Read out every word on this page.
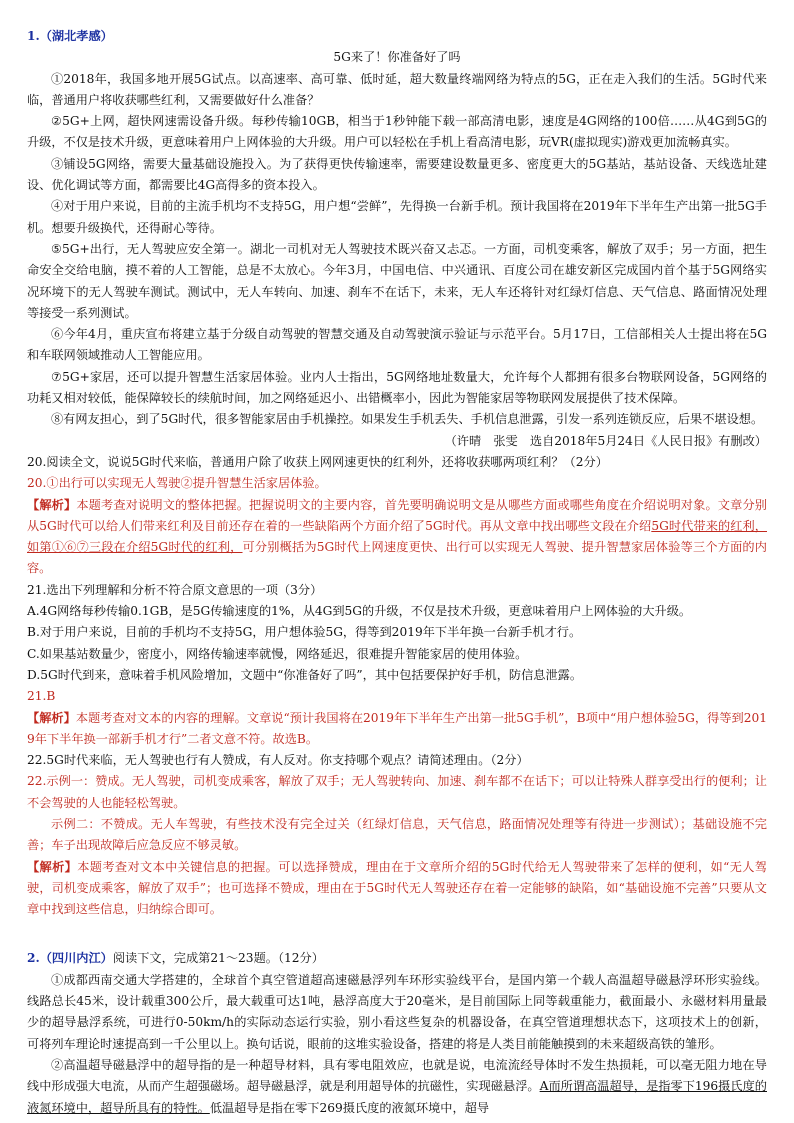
1.（湖北孝感）

5G来了！你准备好了吗

①2018年，我国多地开展5G试点。以高速率、高可靠、低时延，超大数量终端网络为特点的5G，正在走入我们的生活。5G时代来临，普通用户将收获哪些红利，又需要做好什么准备？

②5G+上网，超快网速需设备升级。每秒传输10GB，相当于1秒钟能下载一部高清电影，速度是4G网络的100倍……从4G到5G的升级，不仅是技术升级，更意味着用户上网体验的大升级。用户可以轻松在手机上看高清电影，玩VR(虚拟现实)游戏更加流畅真实。

③铺设5G网络，需要大量基础设施投入。为了获得更快传输速率，需要建设数量更多、密度更大的5G基站，基站设备、天线选址建设、优化调试等方面，都需要比4G高得多的资本投入。

④对于用户来说，目前的主流手机均不支持5G，用户想“尝鲜”，先得换一台新手机。预计我国将在2019年下半年生产出第一批5G手机。想要升级换代，还得耐心等待。

⑤5G+出行，无人驾驶应安全第一。湖北一司机对无人驾驶技术既兴奋又忐忑。一方面，司机变乘客，解放了双手；另一方面，把生命安全交给电脑，摸不着的人工智能，总是不太放心。今年3月，中国电信、中兴通讯、百度公司在雄安新区完成国内首个基于5G网络实况环境下的无人驾驶车测试。测试中，无人车转向、加速、刹车不在话下，未来，无人车还将针对红绿灯信息、天气信息、路面情况处理等接受一系列测试。

⑥今年4月，重庆宣布将建立基于分级自动驾驶的智慧交通及自动驾驶演示验证与示范平台。5月17日，工信部相关人士提出将在5G和车联网领域推动人工智能应用。

⑦5G+家居，还可以提升智慧生活家居体验。业内人士指出，5G网络地址数量大，允许每个人都拥有很多台物联网设备，5G网络的功耗又相对较低，能保障较长的续航时间，加之网络延迟小、出错概率小，因此为智能家居等物联网发展提供了技术保障。

⑧有网友担心，到了5G时代，很多智能家居由手机操控。如果发生手机丢失、手机信息泄露，引发一系列连锁反应，后果不堪设想。

（许晴　张雯　选自2018年5月24日《人民日报》有删改）

20.阅读全文，说说5G时代来临，普通用户除了收获上网网速更快的红利外，还将收获哪两项红利？（2分）

20.①出行可以实现无人驾驶②提升智慧生活家居体验。

【解析】本题考查对说明文的整体把握。把握说明文的主要内容，首先要明确说明文是从哪些方面或哪些角度在介绍说明对象。文章分别从5G时代可以给人们带来红利及目前还存在着的一些缺陷两个方面介绍了5G时代。再从文章中找出哪些文段在介绍5G时代带来的红利，如第①⑥⑦三段在介绍5G时代的红利，可分别概括为5G时代上网速度更快、出行可以实现无人驾驶、提升智慧家居体验等三个方面的内容。

21.选出下列理解和分析不符合原文意思的一项（3分）

A.4G网络每秒传输0.1GB，是5G传输速度的1%，从4G到5G的升级，不仅是技术升级，更意味着用户上网体验的大升级。

B.对于用户来说，目前的手机均不支持5G，用户想体验5G，得等到2019年下半年换一台新手机才行。

C.如果基站数量少，密度小，网络传输速率就慢，网络延迟，很难提升智能家居的使用体验。

D.5G时代到来，意味着手机风险增加，文题中“你准备好了吗”，其中包括要保护好手机，防信息泄露。

21.B

【解析】本题考查对文本的内容的理解。文章说“预计我国将在2019年下半年生产出第一批5G手机”，B项中“用户想体验5G，得等到2019年下半年换一部新手机才行”二者文意不符。故选B。

22.5G时代来临，无人驾驶也行有人赞成，有人反对。你支持哪个观点？请简述理由。（2分）

22.示例一：赞成。无人驾驶，司机变成乘客，解放了双手；无人驾驶转向、加速、刹车都不在话下；可以让特殊人群享受出行的便利；让不会驾驶的人也能轻松驾驶。

示例二：不赞成。无人车驾驶，有些技术没有完全过关（红绿灯信息，天气信息，路面情况处理等有待进一步测试）；基础设施不完善；车子出现故障后应急反应不够灵敏。

【解析】本题考查对文本中关键信息的把握。可以选择赞成，理由在于文章所介绍的5G时代给无人驾驶带来了怎样的便利，如“无人驾驶，司机变成乘客，解放了双手”；也可选择不赞成，理由在于5G时代无人驾驶还存在着一定能够的缺陷，如“基础设施不完善”只要从文章中找到这些信息，归纳综合即可。

2.（四川内江）阅读下文，完成第21～23题。（12分）

①成都西南交通大学搭建的，全球首个真空管道超高速磁悬浮列车环形实验线平台，是国内第一个载人高温超导磁悬浮环形实验线。线路总长45米，设计载重300公斤，最大载重可达1吨，悬浮高度大于20毫米，是目前国际上同等载重能力，截面最小、永磁材料用量最少的超导悬浮系统，可进行0-50km/h的实际动态运行实验，别小看这些复杂的机器设备，在真空管道理想状态下，这项技术上的创新，可将列车理论时速提高到一千公里以上。换句话说，眼前的这堆实验设备，搭建的将是人类目前能触摸到的未来超级高铁的雏形。

②高温超导磁悬浮中的超导指的是一种超导材料，具有零电阻效应，也就是说，电流流经导体时不发生热损耗，可以毫无阻力地在导线中形成强大电流，从而产生超强磁场。超导磁悬浮，就是利用超导体的抗磁性，实现磁悬浮。A而所谓高温超导，是指零下196摄氏度的液氮环境中，超导所具有的特性。低温超导是指在零下269摄氏度的液氮环境中，超导
